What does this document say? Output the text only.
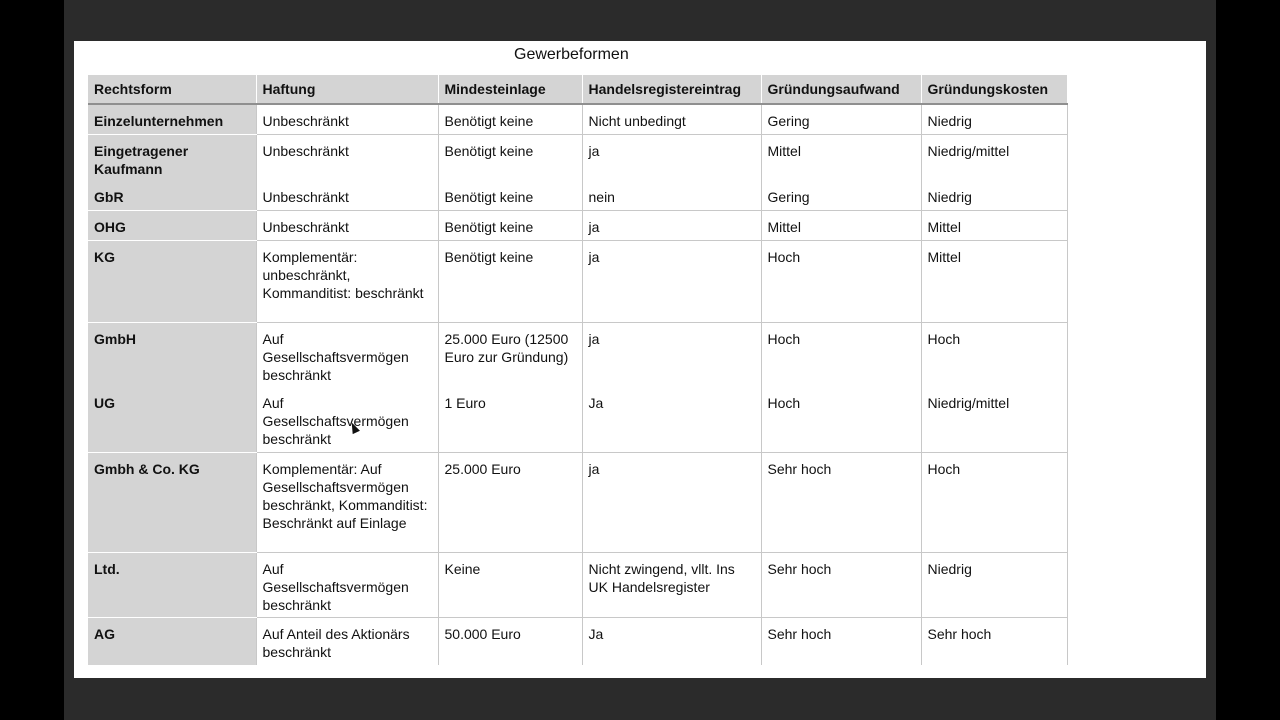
Gewerbeformen
Rechtsform	Haftung	Mindesteinlage	Handelsregistereintrag	Gründungsaufwand	Gründungskosten
Einzelunternehmen	Unbeschränkt	Benötigt keine	Nicht unbedingt	Gering	Niedrig
Eingetragener Kaufmann	Unbeschränkt	Benötigt keine	ja	Mittel	Niedrig/mittel
GbR	Unbeschränkt	Benötigt keine	nein	Gering	Niedrig
OHG	Unbeschränkt	Benötigt keine	ja	Mittel	Mittel
KG	Komplementär: unbeschränkt, Kommanditist: beschränkt	Benötigt keine	ja	Hoch	Mittel
GmbH	Auf Gesellschaftsvermögen beschränkt	25.000 Euro (12500 Euro zur Gründung)	ja	Hoch	Hoch
UG	Auf Gesellschaftsvermögen beschränkt	1 Euro	Ja	Hoch	Niedrig/mittel
Gmbh & Co. KG	Komplementär: Auf Gesellschaftsvermögen beschränkt, Kommanditist: Beschränkt auf Einlage	25.000 Euro	ja	Sehr hoch	Hoch
Ltd.	Auf Gesellschaftsvermögen beschränkt	Keine	Nicht zwingend, vllt. Ins UK Handelsregister	Sehr hoch	Niedrig
AG	Auf Anteil des Aktionärs beschränkt	50.000 Euro	Ja	Sehr hoch	Sehr hoch
